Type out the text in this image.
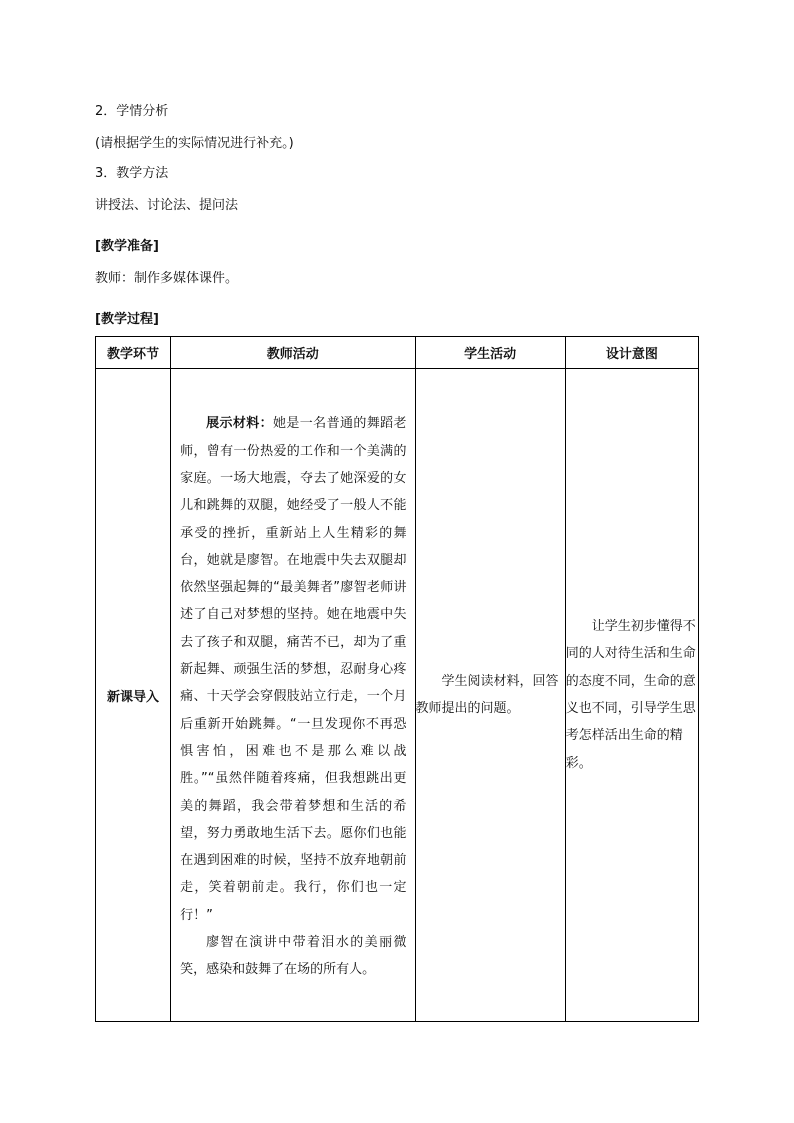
2．学情分析
(请根据学生的实际情况进行补充。)
3．教学方法
讲授法、讨论法、提问法
[教学准备]
教师：制作多媒体课件。
[教学过程]
教学环节	教师活动	学生活动	设计意图
新课导入	展示材料：她是一名普通的舞蹈老师，曾有一份热爱的工作和一个美满的家庭。一场大地震，夺去了她深爱的女儿和跳舞的双腿，她经受了一般人不能承受的挫折，重新站上人生精彩的舞台，她就是廖智。在地震中失去双腿却依然坚强起舞的“最美舞者”廖智老师讲述了自己对梦想的坚持。她在地震中失去了孩子和双腿，痛苦不已，却为了重新起舞、顽强生活的梦想，忍耐身心疼痛、十天学会穿假肢站立行走，一个月后重新开始跳舞。“一旦发现你不再恐惧害怕，困难也不是那么难以战胜。”“虽然伴随着疼痛，但我想跳出更美的舞蹈，我会带着梦想和生活的希望，努力勇敢地生活下去。愿你们也能在遇到困难的时候，坚持不放弃地朝前走，笑着朝前走。我行，你们也一定行！”

廖智在演讲中带着泪水的美丽微笑，感染和鼓舞了在场的所有人。	学生阅读材料，回答教师提出的问题。	让学生初步懂得不同的人对待生活和生命的态度不同，生命的意义也不同，引导学生思考怎样活出生命的精彩。
